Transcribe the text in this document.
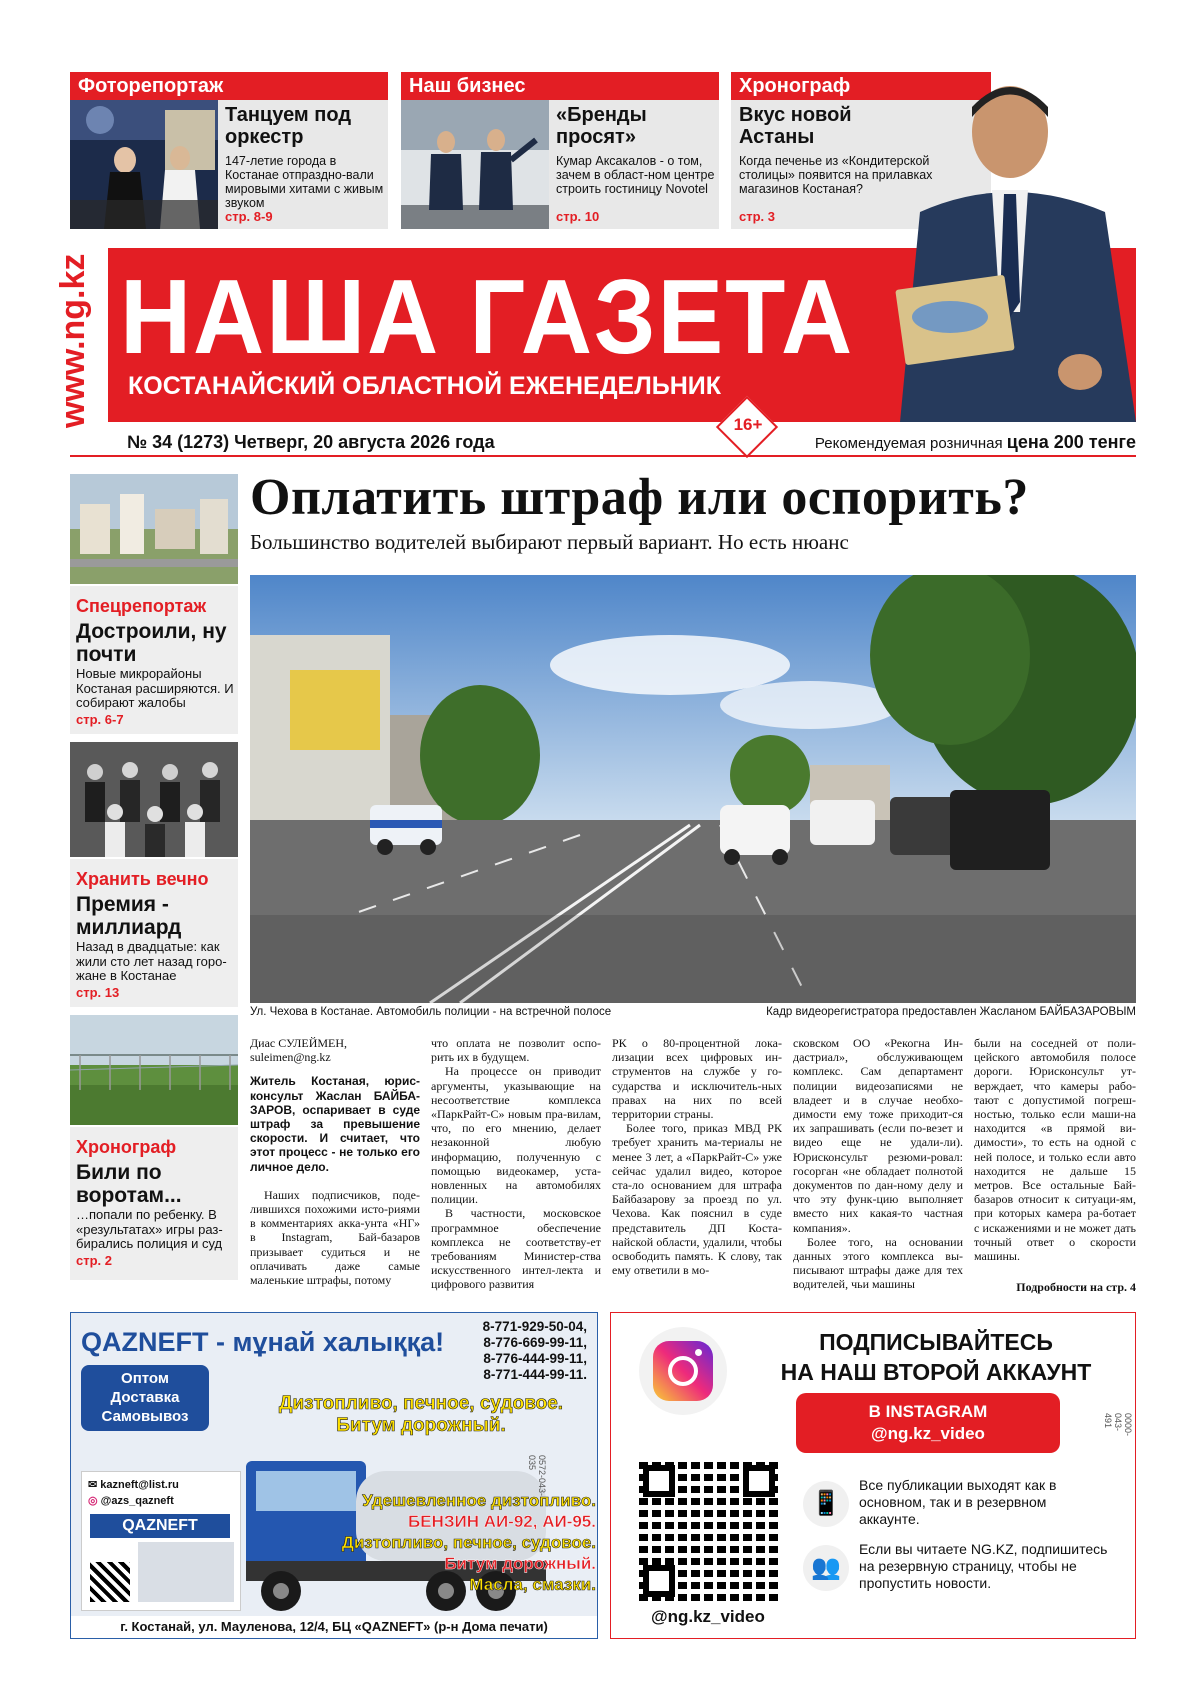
Фоторепортаж
Танцуем под оркестр
147-летие города в Костанае отпразднo-вали мировыми хитами с живым звуком
стр. 8-9
Наш бизнес
«Бренды просят»
Кумар Аксакалов - о том, зачем в област-ном центре строить гостиницу Novotel
стр. 10
Хронограф
Вкус новой Астаны
Когда печенье из «Кондитерской столицы» появится на прилавках магазинов Костаная?
стр. 3
www.ng.kz НАША ГАЗЕТА
КОСТАНАЙСКИЙ ОБЛАСТНОЙ ЕЖЕНЕДЕЛЬНИК
16+
№ 34 (1273) Четверг, 20 августа 2026 года	Рекомендуемая розничная цена 200 тенге
Спецрепортаж
Достроили, ну почти
Новые микрорайоны Костаная расширяются. И собирают жалобы
стр. 6-7
Хранить вечно
Премия - миллиард
Назад в двадцатые: как жили сто лет назад горо-жане в Костанае
стр. 13
Хронограф
Били по воротам...
…попали по ребенку. В «результатах» игры раз-бирались полиция и суд
стр. 2
Оплатить штраф или оспорить?
Большинство водителей выбирают первый вариант. Но есть нюанс
Ул. Чехова в Костанае. Автомобиль полиции - на встречной полосе	Кадр видеорегистратора предоставлен Жасланом БАЙБАЗАРОВЫМ
Диас СУЛЕЙМЕН,
suleimen@ng.kz
Житель Костаная, юрис-консульт Жаслан БАЙБА-ЗАРОВ, оспаривает в суде штраф за превышение скорости. И считает, что этот процесс - не только его личное дело.

Наших подписчиков, поде-лившихся похожими исто-риями в комментариях акка-унта «НГ» в Instagram, Бай-базаров призывает судиться и не оплачивать даже самые маленькие штрафы, потому

что оплата не позволит оспо-рить их в будущем.

На процессе он приводит аргументы, указывающие на несоответствие комплекса «ПаркРайт-С» новым пра-вилам, что, по его мнению, делает незаконной любую информацию, полученную с помощью видеокамер, уста-новленных на автомобилях полиции.

В частности, московское программное обеспечение комплекса не соответству-ет требованиям Министер-ства искусственного интел-лекта и цифрового развития

РК о 80-процентной лока-лизации всех цифровых ин-струментов на службе у го-сударства и исключитель-ных правах на них по всей территории страны.

Более того, приказ МВД РК требует хранить ма-териалы не менее 3 лет, а «ПаркРайт-С» уже сейчас удалил видео, которое ста-ло основанием для штрафа Байбазарову за проезд по ул. Чехова. Как пояснил в суде представитель ДП Коста-найской области, удалили, чтобы освободить память. К слову, так ему ответили в мо-

сковском ОО «Рекогна Ин-дастриал», обслуживающем комплекс. Сам департамент полиции видеозаписями не владеет и в случае необхо-димости ему тоже приходит-ся их запрашивать (если по-везет и видео еще не удали-ли). Юрисконсульт резюми-ровал: госорган «не обладает полнотой документов по дан-ному делу и что эту функ-цию выполняет вместо них какая-то частная компания».

Более того, на основании данных этого комплекса вы-писывают штрафы даже для тех водителей, чьи машины

были на соседней от поли-цейского автомобиля полосе дороги. Юрисконсульт ут-верждает, что камеры рабо-тают с допустимой погреш-ностью, только если маши-на находится «в прямой ви-димости», то есть на одной с ней полосе, и только если авто находится не дальше 15 метров. Все остальные Бай-базаров относит к ситуаци-ям, при которых камера ра-ботает с искажениями и не может дать точный ответ о скорости машины.
Подробности на стр. 4
QAZNEFT - мұнай халыққа!
8-771-929-50-04,
8-776-669-99-11,
8-776-444-99-11,
8-771-444-99-11.
Оптом
Доставка
Самовывоз
Дизтопливо, печное, судовое.
Битум дорожный.
Удешевленное дизтопливо.
БЕНЗИН АИ-92, АИ-95.
Дизтопливо, печное, судовое.
Битум дорожный.
Масла, смазки.
✉ kazneft@list.ru
◎ @azs_qazneft
QAZNEFT
г. Костанай, ул. Мауленова, 12/4, БЦ «QAZNEFT» (р-н Дома печати)
0572-043-035
ПОДПИСЫВАЙТЕСЬ
НА НАШ ВТОРОЙ АККАУНТ
В INSTAGRAM
@ng.kz_video
@ng.kz_video
📱
Все публикации выходят как в основном, так и в резервном аккаунте.
👥
Если вы читаете NG.KZ, подпишитесь на резервную страницу, чтобы не пропустить новости.
0000-043-491
